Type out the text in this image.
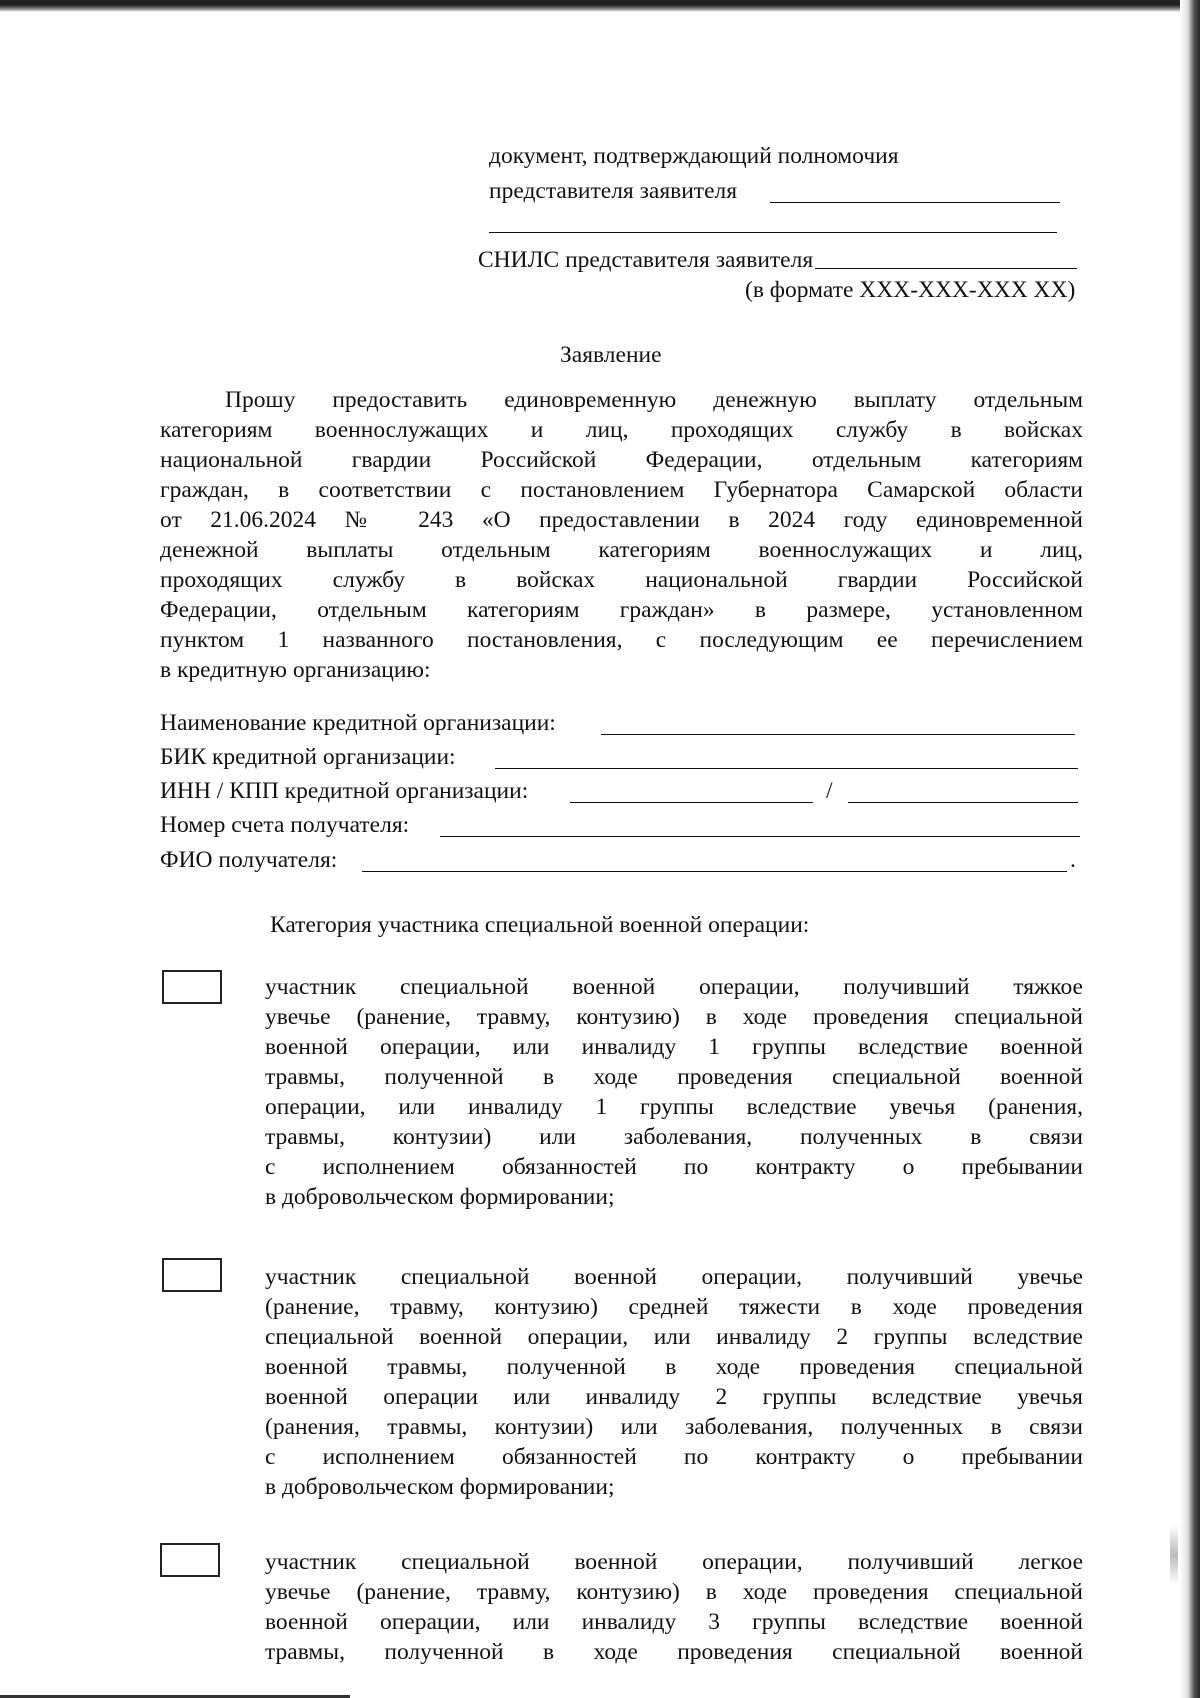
документ, подтверждающий полномочия
представителя заявителя
СНИЛС представителя заявителя
(в формате XXX-XXX-XXX XX)
Заявление
Прошу предоставить единовременную денежную выплату отдельным
категориям военнослужащих и лиц, проходящих службу в войсках
национальной гвардии Российской Федерации, отдельным категориям
граждан, в соответствии с постановлением Губернатора Самарской области
от 21.06.2024 № 243 «О предоставлении в 2024 году единовременной
денежной выплаты отдельным категориям военнослужащих и лиц,
проходящих службу в войсках национальной гвардии Российской
Федерации, отдельным категориям граждан» в размере, установленном
пунктом 1 названного постановления, с последующим ее перечислением
в кредитную организацию:
Наименование кредитной организации:
БИК кредитной организации:
ИНН / КПП кредитной организации:	/
Номер счета получателя:
ФИО получателя:	.
Категория участника специальной военной операции:
участник специальной военной операции, получивший тяжкое
увечье (ранение, травму, контузию) в ходе проведения специальной
военной операции, или инвалиду 1 группы вследствие военной
травмы, полученной в ходе проведения специальной военной
операции, или инвалиду 1 группы вследствие увечья (ранения,
травмы, контузии) или заболевания, полученных в связи
с исполнением обязанностей по контракту о пребывании
в добровольческом формировании;
участник специальной военной операции, получивший увечье
(ранение, травму, контузию) средней тяжести в ходе проведения
специальной военной операции, или инвалиду 2 группы вследствие
военной травмы, полученной в ходе проведения специальной
военной операции или инвалиду 2 группы вследствие увечья
(ранения, травмы, контузии) или заболевания, полученных в связи
с исполнением обязанностей по контракту о пребывании
в добровольческом формировании;
участник специальной военной операции, получивший легкое
увечье (ранение, травму, контузию) в ходе проведения специальной
военной операции, или инвалиду 3 группы вследствие военной
травмы, полученной в ходе проведения специальной военной
